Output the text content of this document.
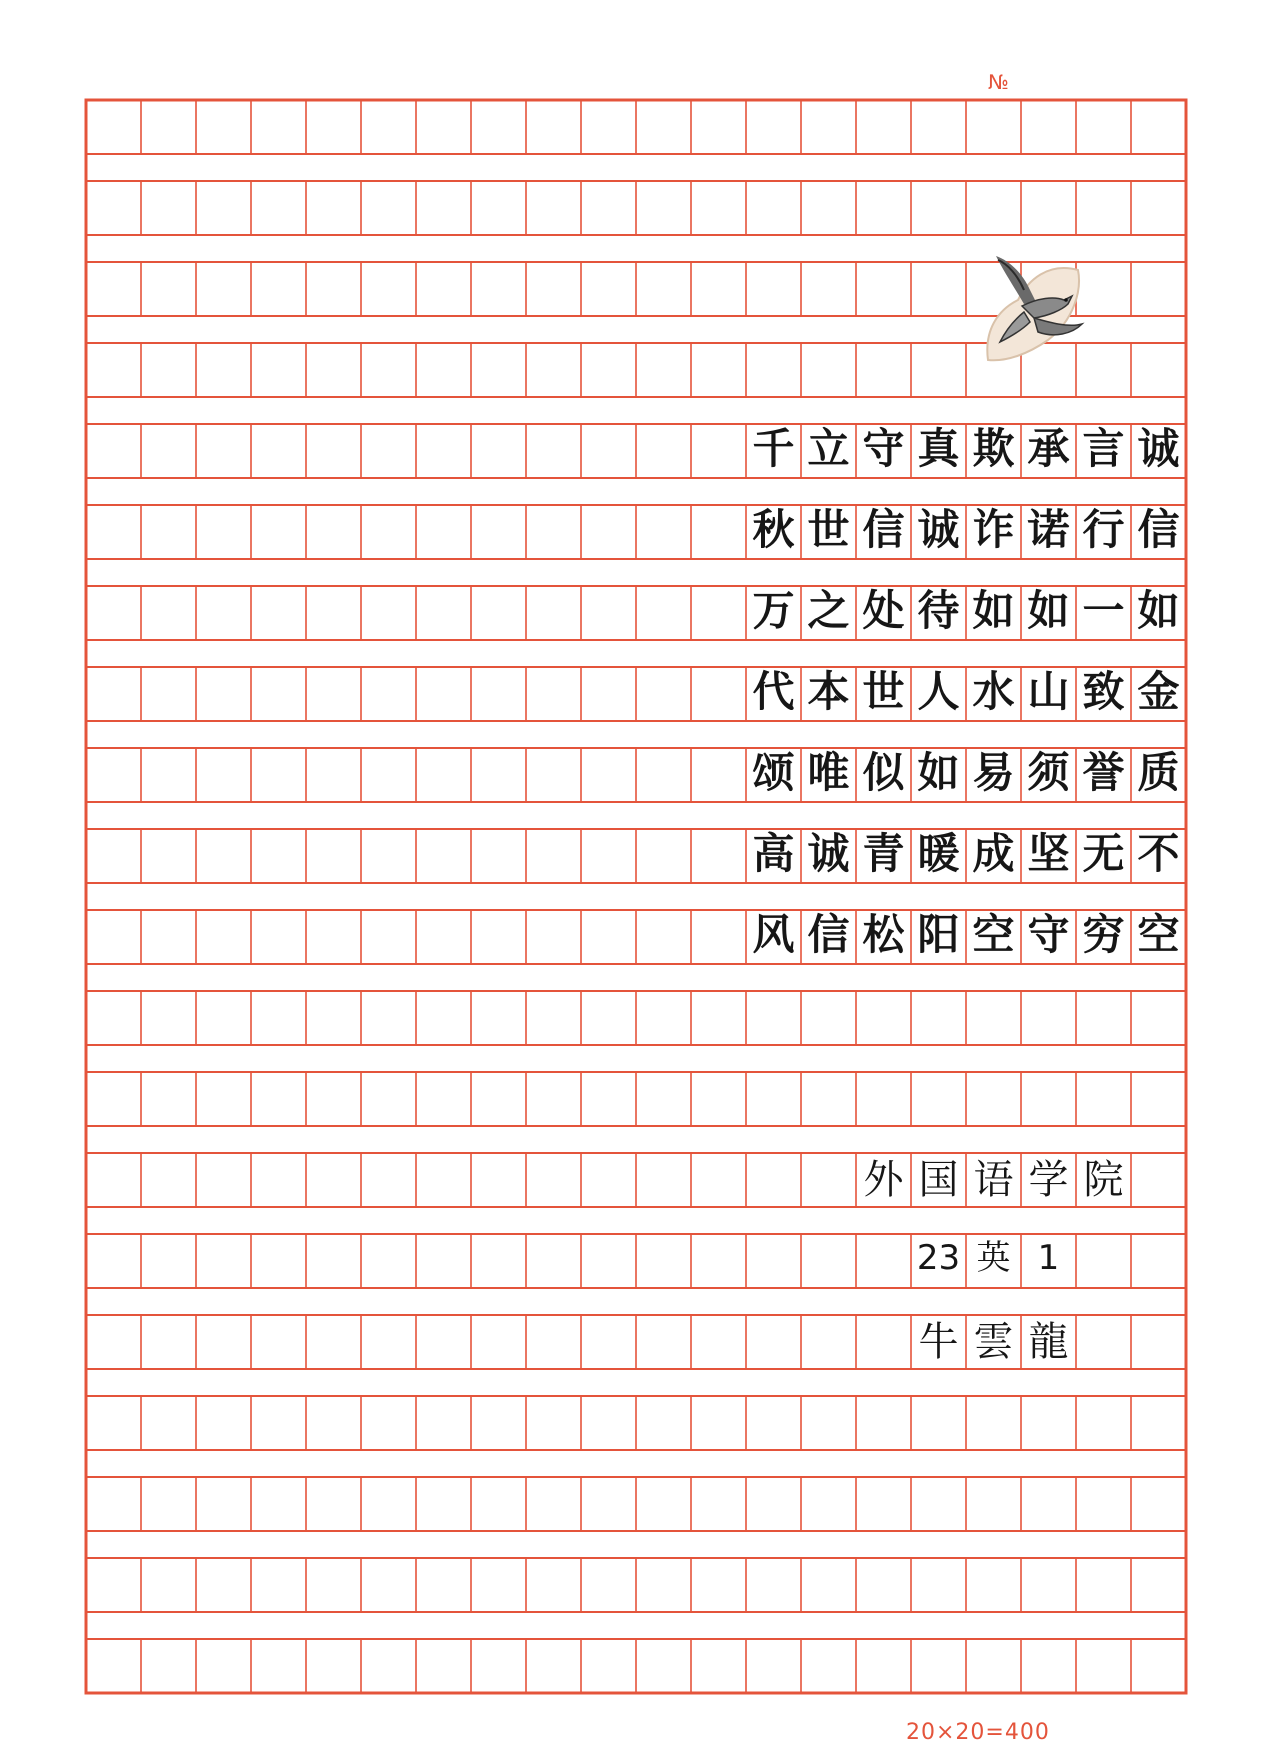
№
千 立 守 真 欺 承 言 诚
秋 世 信 诚 诈 诺 行 信
万 之 处 待 如 如 一 如
代 本 世 人 水 山 致 金
颂 唯 似 如 易 须 誉 质
高 诚 青 暖 成 坚 无 不
风 信 松 阳 空 守 穷 空
外 国 语 学 院
23 英 1
牛 雲 龍
20×20=400
